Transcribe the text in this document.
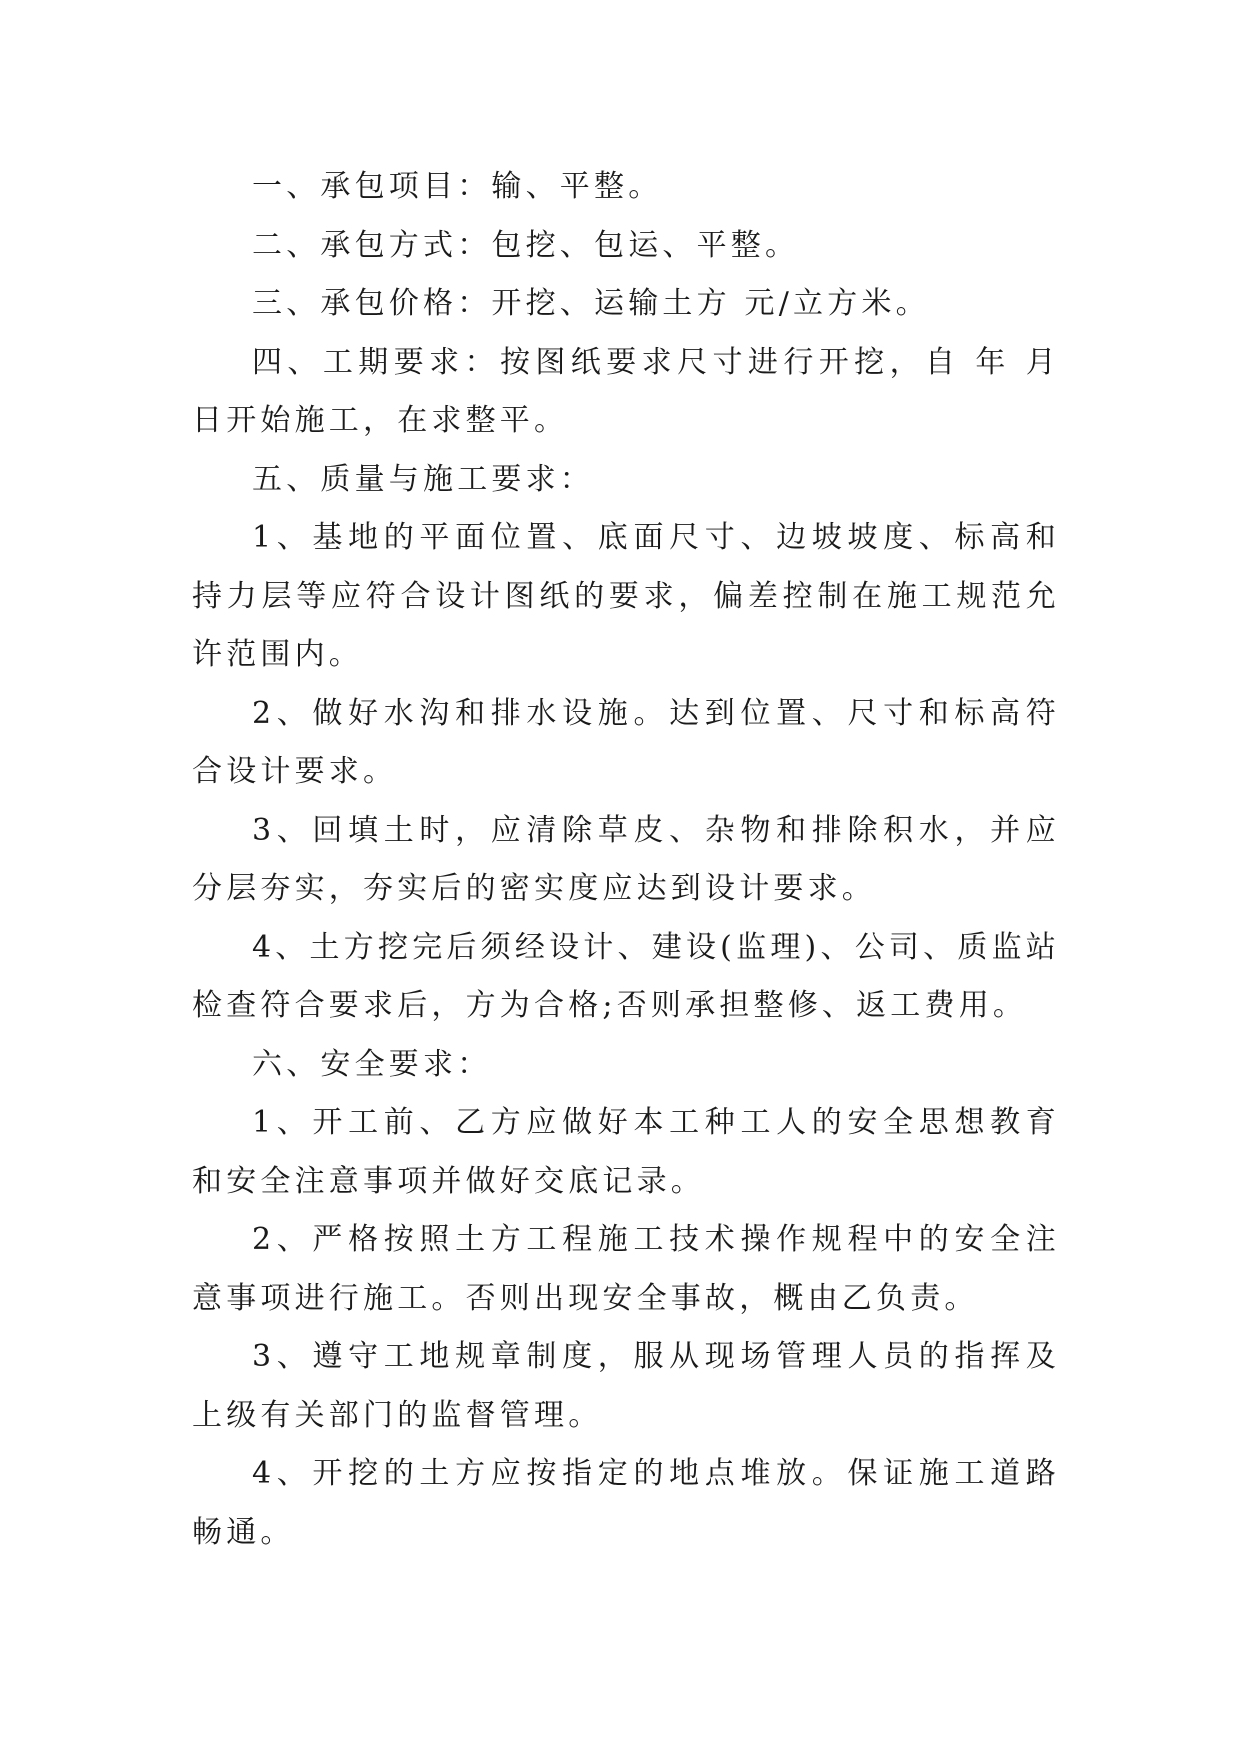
一、承包项目：输、平整。

二、承包方式：包挖、包运、平整。

三、承包价格：开挖、运输土方 元/立方米。

四、工期要求：按图纸要求尺寸进行开挖，自 年 月 日开始施工，在求整平。

五、质量与施工要求：

1、基地的平面位置、底面尺寸、边坡坡度、标高和持力层等应符合设计图纸的要求，偏差控制在施工规范允许范围内。

2、做好水沟和排水设施。达到位置、尺寸和标高符合设计要求。

3、回填土时，应清除草皮、杂物和排除积水，并应分层夯实，夯实后的密实度应达到设计要求。

4、土方挖完后须经设计、建设(监理)、公司、质监站检查符合要求后，方为合格;否则承担整修、返工费用。

六、安全要求：

1、开工前、乙方应做好本工种工人的安全思想教育和安全注意事项并做好交底记录。

2、严格按照土方工程施工技术操作规程中的安全注意事项进行施工。否则出现安全事故，概由乙负责。

3、遵守工地规章制度，服从现场管理人员的指挥及上级有关部门的监督管理。

4、开挖的土方应按指定的地点堆放。保证施工道路畅通。
